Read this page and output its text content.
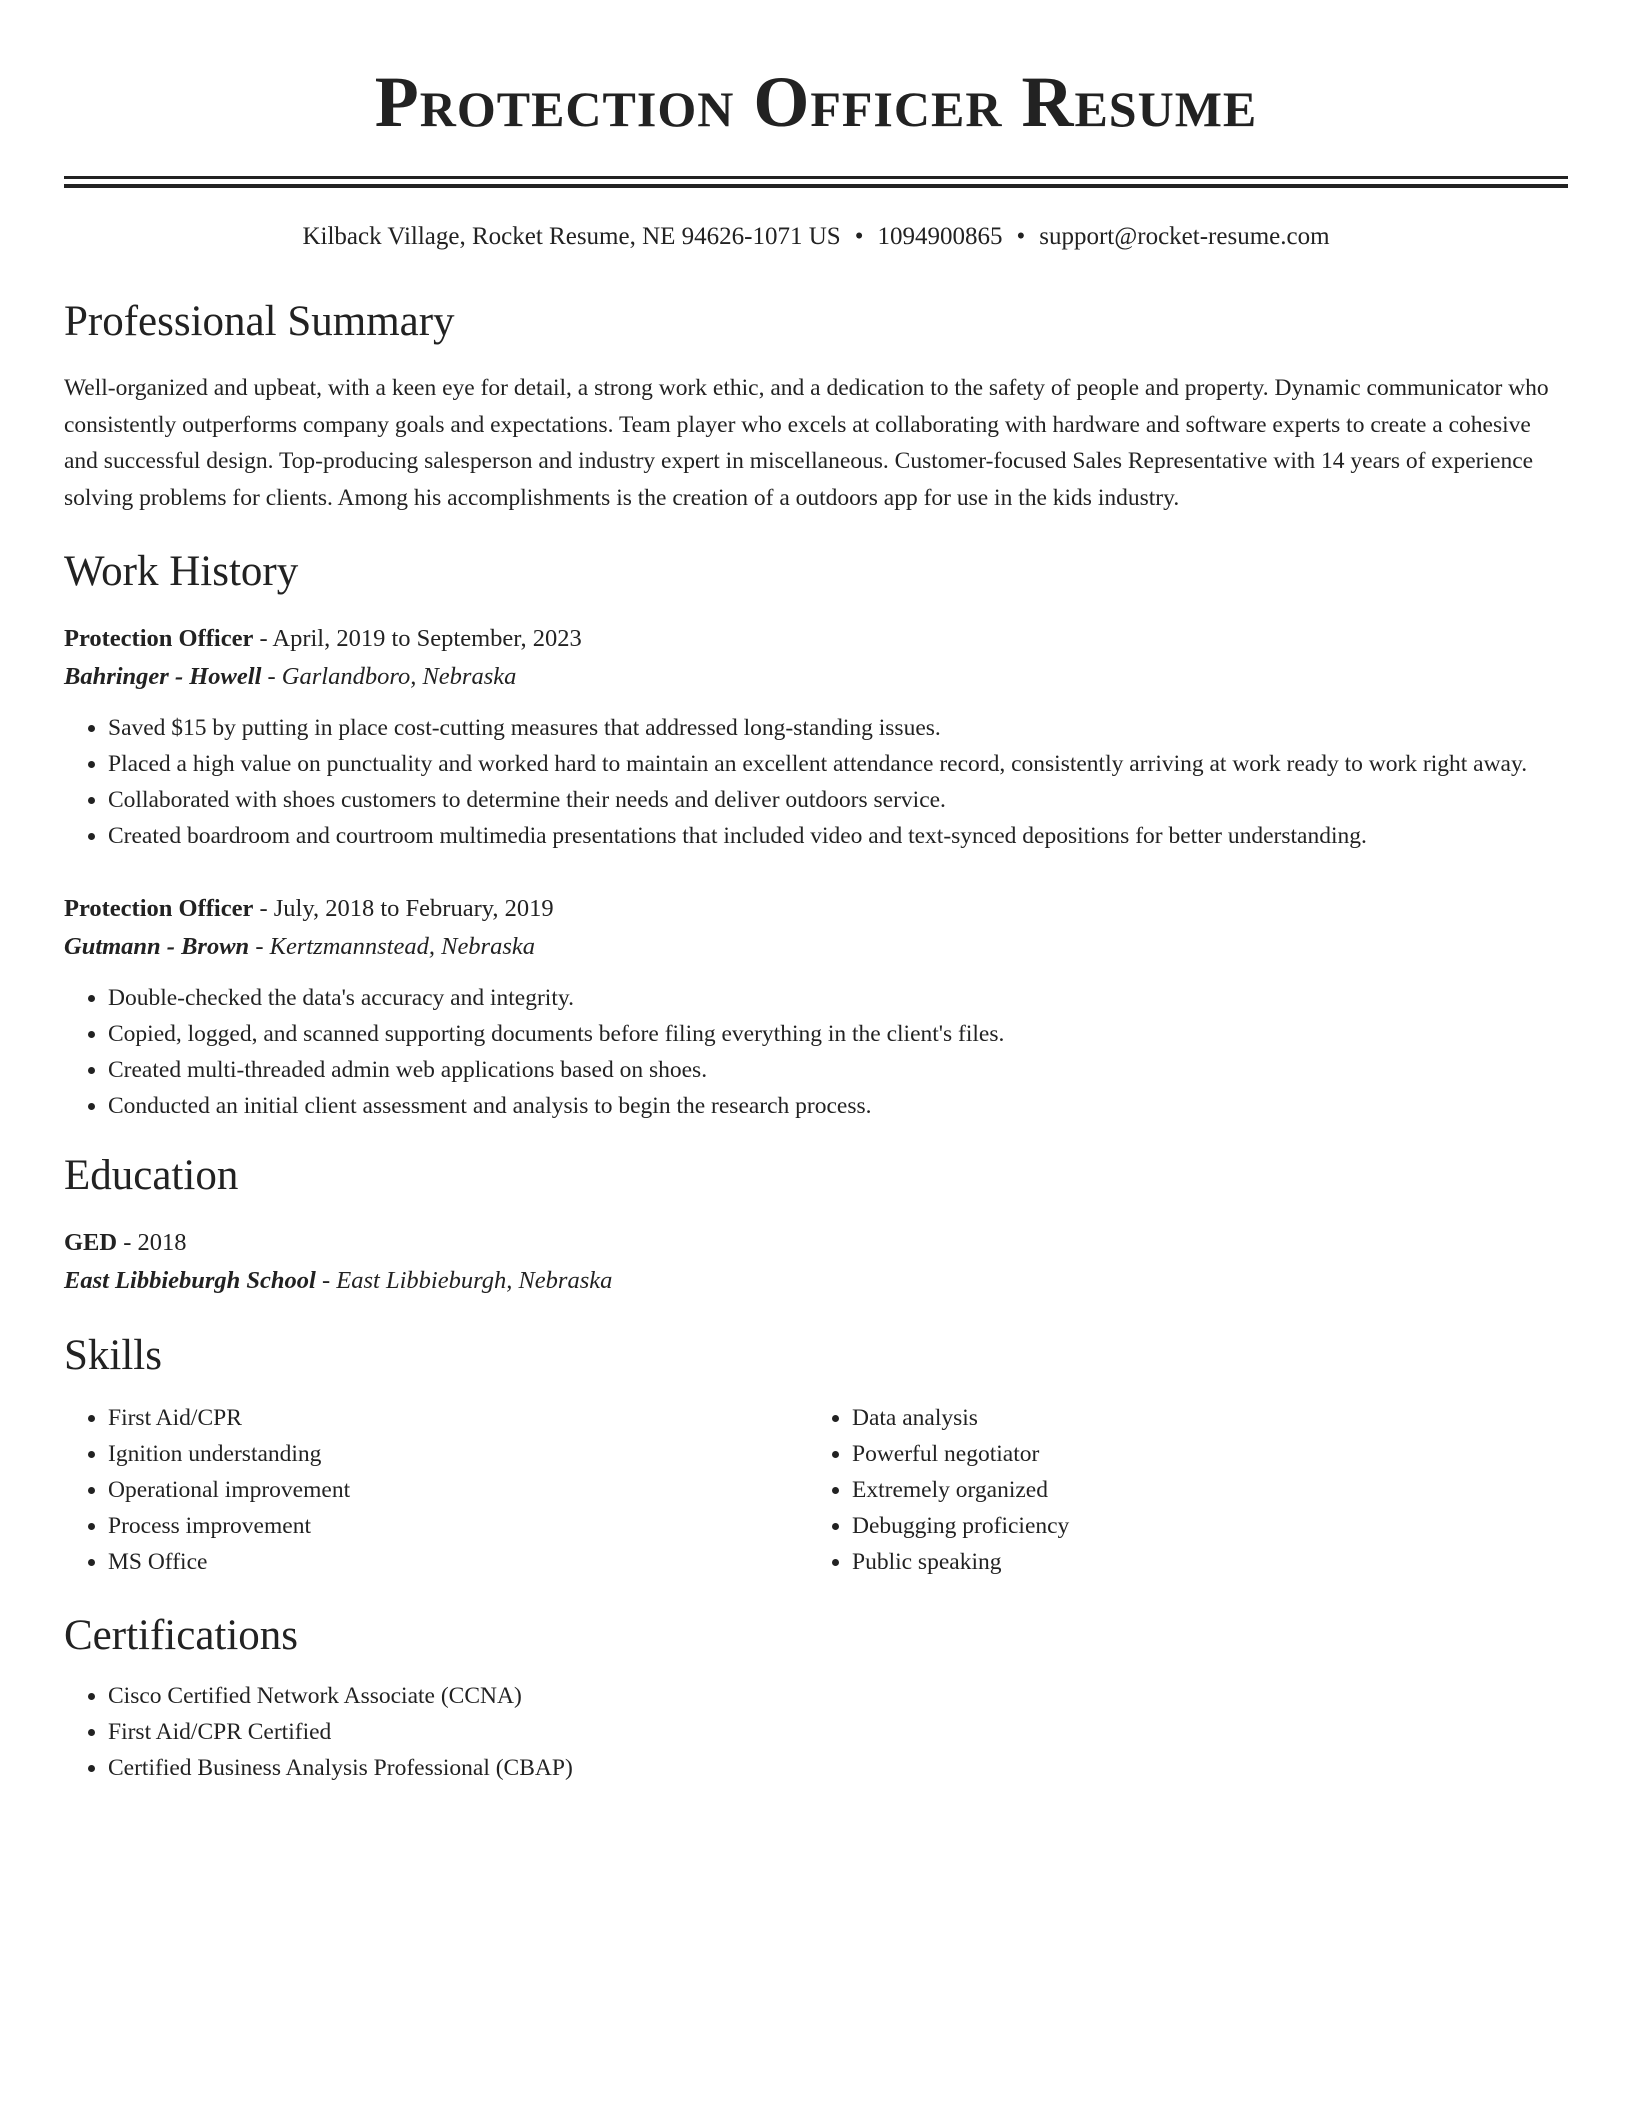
Protection Officer Resume
Kilback Village, Rocket Resume, NE 94626-1071 US • 1094900865 • support@rocket-resume.com
Professional Summary

Well-organized and upbeat, with a keen eye for detail, a strong work ethic, and a dedication to the safety of people and property. Dynamic communicator who consistently outperforms company goals and expectations. Team player who excels at collaborating with hardware and software experts to create a cohesive and successful design. Top-producing salesperson and industry expert in miscellaneous. Customer-focused Sales Representative with 14 years of experience solving problems for clients. Among his accomplishments is the creation of a outdoors app for use in the kids industry.

Work History
Protection Officer - April, 2019 to September, 2023
Bahringer - Howell - Garlandboro, Nebraska
• Saved $15 by putting in place cost-cutting measures that addressed long-standing issues.
• Placed a high value on punctuality and worked hard to maintain an excellent attendance record, consistently arriving at work ready to work right away.
• Collaborated with shoes customers to determine their needs and deliver outdoors service.
• Created boardroom and courtroom multimedia presentations that included video and text-synced depositions for better understanding.
Protection Officer - July, 2018 to February, 2019
Gutmann - Brown - Kertzmannstead, Nebraska
• Double-checked the data's accuracy and integrity.
• Copied, logged, and scanned supporting documents before filing everything in the client's files.
• Created multi-threaded admin web applications based on shoes.
• Conducted an initial client assessment and analysis to begin the research process.
Education
GED - 2018
East Libbieburgh School - East Libbieburgh, Nebraska
Skills
• First Aid/CPR
• Ignition understanding
• Operational improvement
• Process improvement
• MS Office
• Data analysis
• Powerful negotiator
• Extremely organized
• Debugging proficiency
• Public speaking
Certifications
• Cisco Certified Network Associate (CCNA)
• First Aid/CPR Certified
• Certified Business Analysis Professional (CBAP)
